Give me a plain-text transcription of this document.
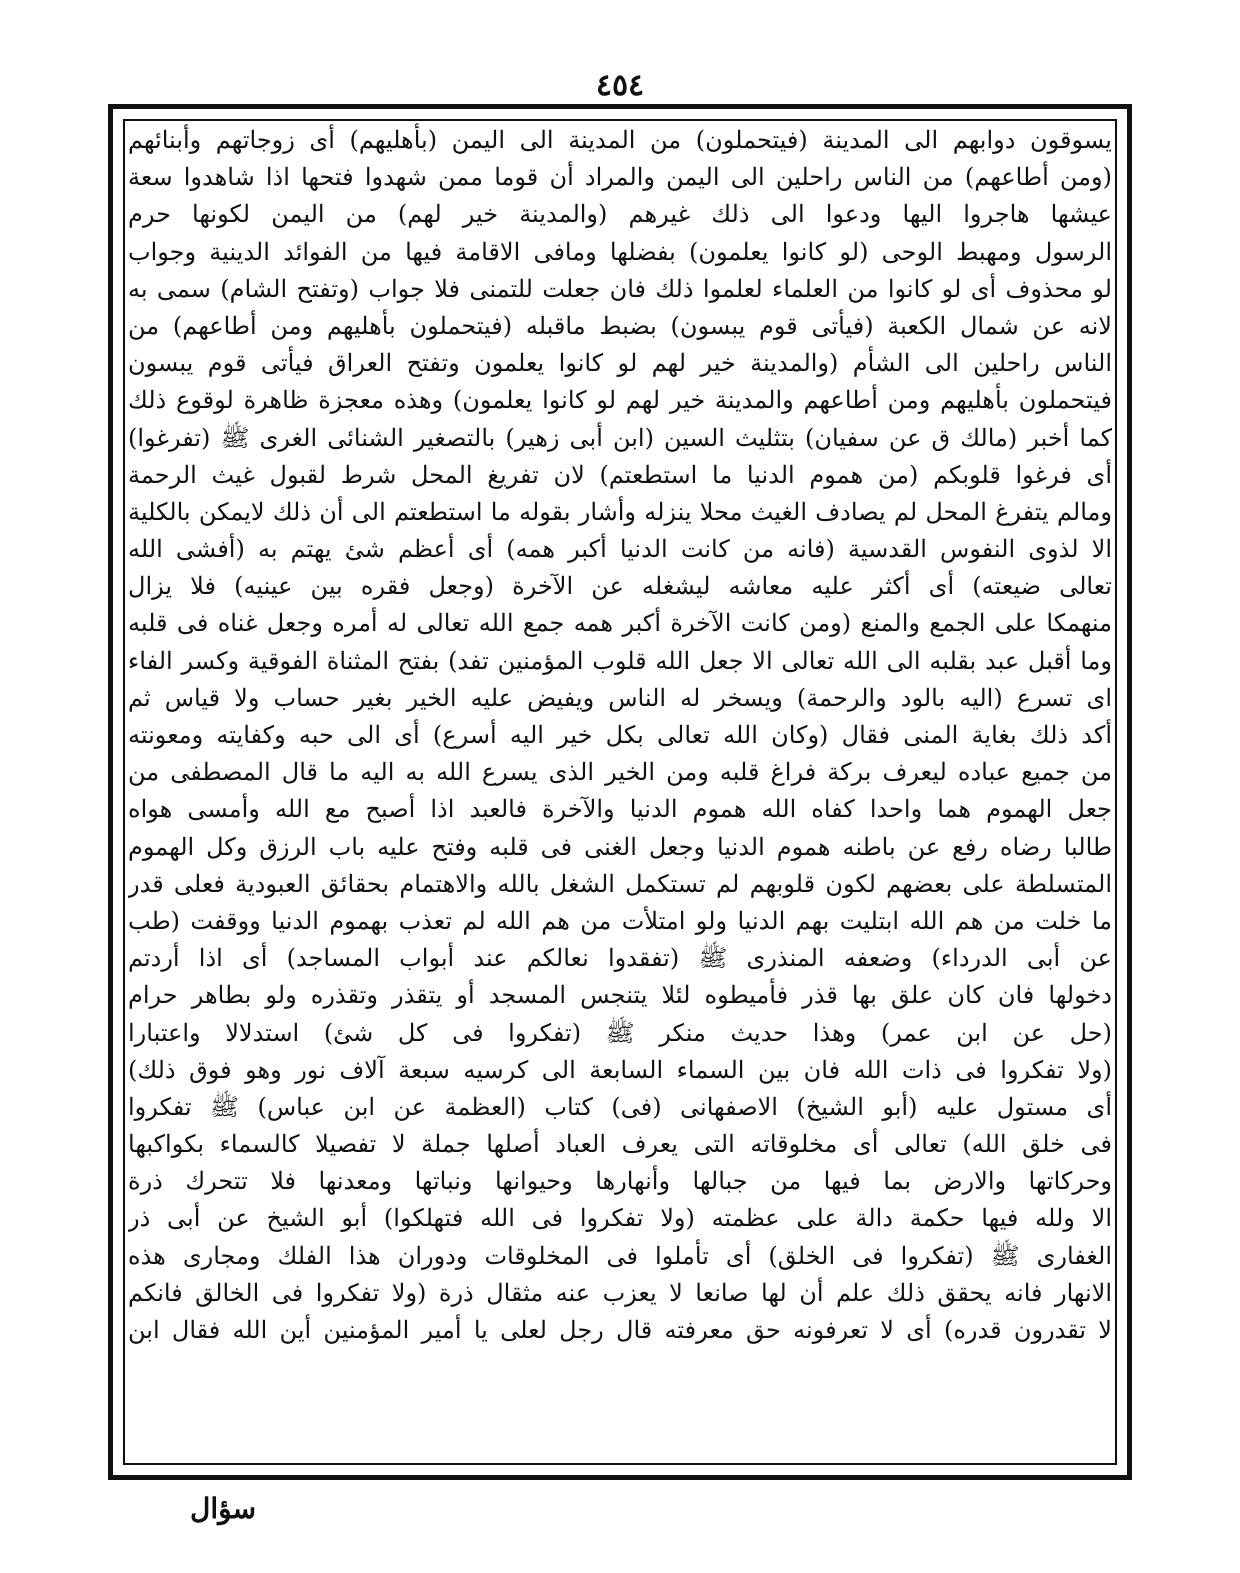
٤٥٤
يسوقون دوابهم الى المدينة (فيتحملون) من المدينة الى اليمن (بأهليهم) أى زوجاتهم وأبنائهم
(ومن أطاعهم) من الناس راحلين الى اليمن والمراد أن قوما ممن شهدوا فتحها اذا شاهدوا سعة
عيشها هاجروا اليها ودعوا الى ذلك غيرهم (والمدينة خير لهم) من اليمن لكونها حرم
الرسول ومهبط الوحى (لو كانوا يعلمون) بفضلها ومافى الاقامة فيها من الفوائد الدينية وجواب
لو محذوف أى لو كانوا من العلماء لعلموا ذلك فان جعلت للتمنى فلا جواب (وتفتح الشام) سمى به
لانه عن شمال الكعبة (فيأتى قوم يبسون) بضبط ماقبله (فيتحملون بأهليهم ومن أطاعهم) من
الناس راحلين الى الشأم (والمدينة خير لهم لو كانوا يعلمون وتفتح العراق فيأتى قوم يبسون
فيتحملون بأهليهم ومن أطاعهم والمدينة خير لهم لو كانوا يعلمون) وهذه معجزة ظاهرة لوقوع ذلك
كما أخبر (مالك ق عن سفيان) بتثليث السين (ابن أبى زهير) بالتصغير الشنائى الغرى ﷺ (تفرغوا)
أى فرغوا قلوبكم (من هموم الدنيا ما استطعتم) لان تفريغ المحل شرط لقبول غيث الرحمة
ومالم يتفرغ المحل لم يصادف الغيث محلا ينزله وأشار بقوله ما استطعتم الى أن ذلك لايمكن بالكلية
الا لذوى النفوس القدسية (فانه من كانت الدنيا أكبر همه) أى أعظم شئ يهتم به (أفشى الله
تعالى ضيعته) أى أكثر عليه معاشه ليشغله عن الآخرة (وجعل فقره بين عينيه) فلا يزال
منهمكا على الجمع والمنع (ومن كانت الآخرة أكبر همه جمع الله تعالى له أمره وجعل غناه فى قلبه
وما أقبل عبد بقلبه الى الله تعالى الا جعل الله قلوب المؤمنين تفد) بفتح المثناة الفوقية وكسر الفاء
اى تسرع (اليه بالود والرحمة) ويسخر له الناس ويفيض عليه الخير بغير حساب ولا قياس ثم
أكد ذلك بغاية المنى فقال (وكان الله تعالى بكل خير اليه أسرع) أى الى حبه وكفايته ومعونته
من جميع عباده ليعرف بركة فراغ قلبه ومن الخير الذى يسرع الله به اليه ما قال المصطفى من
جعل الهموم هما واحدا كفاه الله هموم الدنيا والآخرة فالعبد اذا أصبح مع الله وأمسى هواه
طالبا رضاه رفع عن باطنه هموم الدنيا وجعل الغنى فى قلبه وفتح عليه باب الرزق وكل الهموم
المتسلطة على بعضهم لكون قلوبهم لم تستكمل الشغل بالله والاهتمام بحقائق العبودية فعلى قدر
ما خلت من هم الله ابتليت بهم الدنيا ولو امتلأت من هم الله لم تعذب بهموم الدنيا ووقفت (طب
عن أبى الدرداء) وضعفه المنذرى ﷺ (تفقدوا نعالكم عند أبواب المساجد) أى اذا أردتم
دخولها فان كان علق بها قذر فأميطوه لئلا يتنجس المسجد أو يتقذر وتقذره ولو بطاهر حرام
(حل عن ابن عمر) وهذا حديث منكر ﷺ (تفكروا فى كل شئ) استدلالا واعتبارا
(ولا تفكروا فى ذات الله فان بين السماء السابعة الى كرسيه سبعة آلاف نور وهو فوق ذلك)
أى مستول عليه (أبو الشيخ) الاصفهانى (فى) كتاب (العظمة عن ابن عباس) ﷺ تفكروا
فى خلق الله) تعالى أى مخلوقاته التى يعرف العباد أصلها جملة لا تفصيلا كالسماء بكواكبها
وحركاتها والارض بما فيها من جبالها وأنهارها وحيوانها ونباتها ومعدنها فلا تتحرك ذرة
الا ولله فيها حكمة دالة على عظمته (ولا تفكروا فى الله فتهلكوا) أبو الشيخ عن أبى ذر
الغفارى ﷺ (تفكروا فى الخلق) أى تأملوا فى المخلوقات ودوران هذا الفلك ومجارى هذه
الانهار فانه يحقق ذلك علم أن لها صانعا لا يعزب عنه مثقال ذرة (ولا تفكروا فى الخالق فانكم
لا تقدرون قدره) أى لا تعرفونه حق معرفته قال رجل لعلى يا أمير المؤمنين أين الله فقال ابن
سؤال
